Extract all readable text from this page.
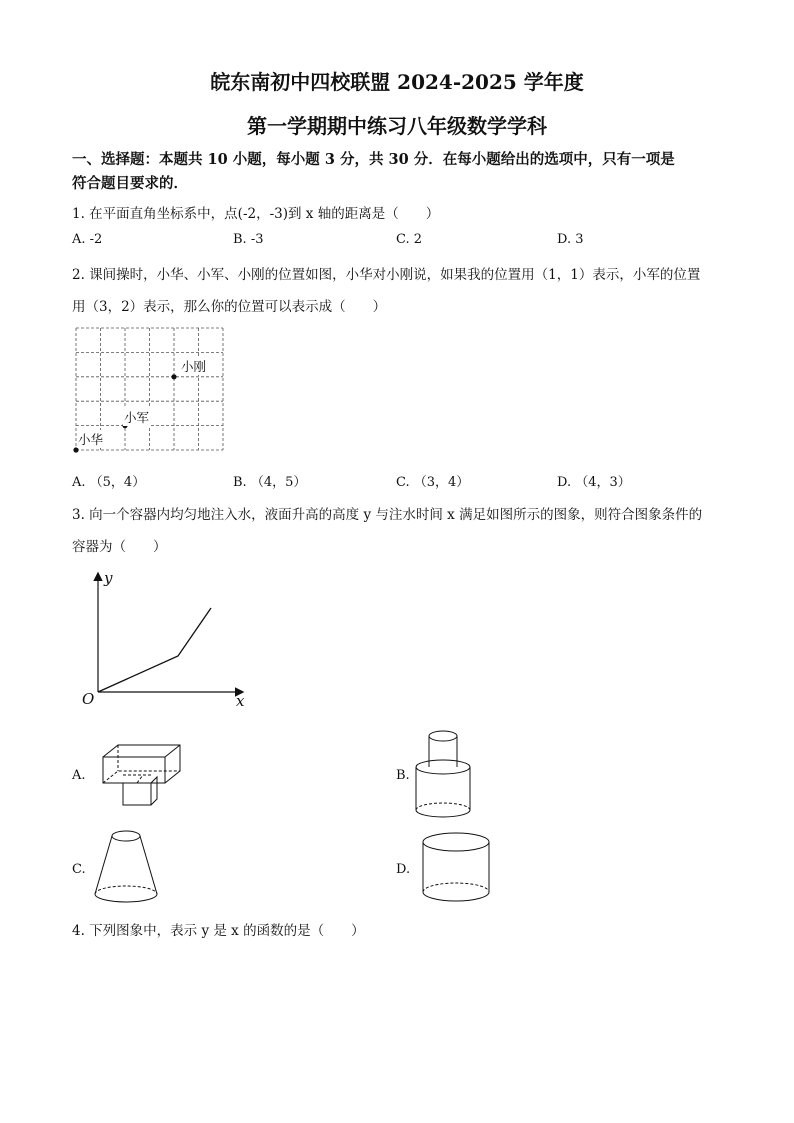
皖东南初中四校联盟 2024-2025 学年度
第一学期期中练习八年级数学学科
一、选择题：本题共 10 小题，每小题 3 分，共 30 分．在每小题给出的选项中，只有一项是
符合题目要求的．
1. 在平面直角坐标系中，点(-2，-3)到 x 轴的距离是（　　）
A. -2	B. -3	C. 2	D. 3
2. 课间操时，小华、小军、小刚的位置如图，小华对小刚说，如果我的位置用（1，1）表示，小军的位置
用（3，2）表示，那么你的位置可以表示成（　　）
小刚
小军
小华
A. （5，4）	B. （4，5）	C. （3，4）	D. （4，3）
3. 向一个容器内均匀地注入水，液面升高的高度 y 与注水时间 x 满足如图所示的图象，则符合图象条件的
容器为（　　）
y
x
O
A.	B.
C.	D.
4. 下列图象中，表示 y 是 x 的函数的是（　　）
